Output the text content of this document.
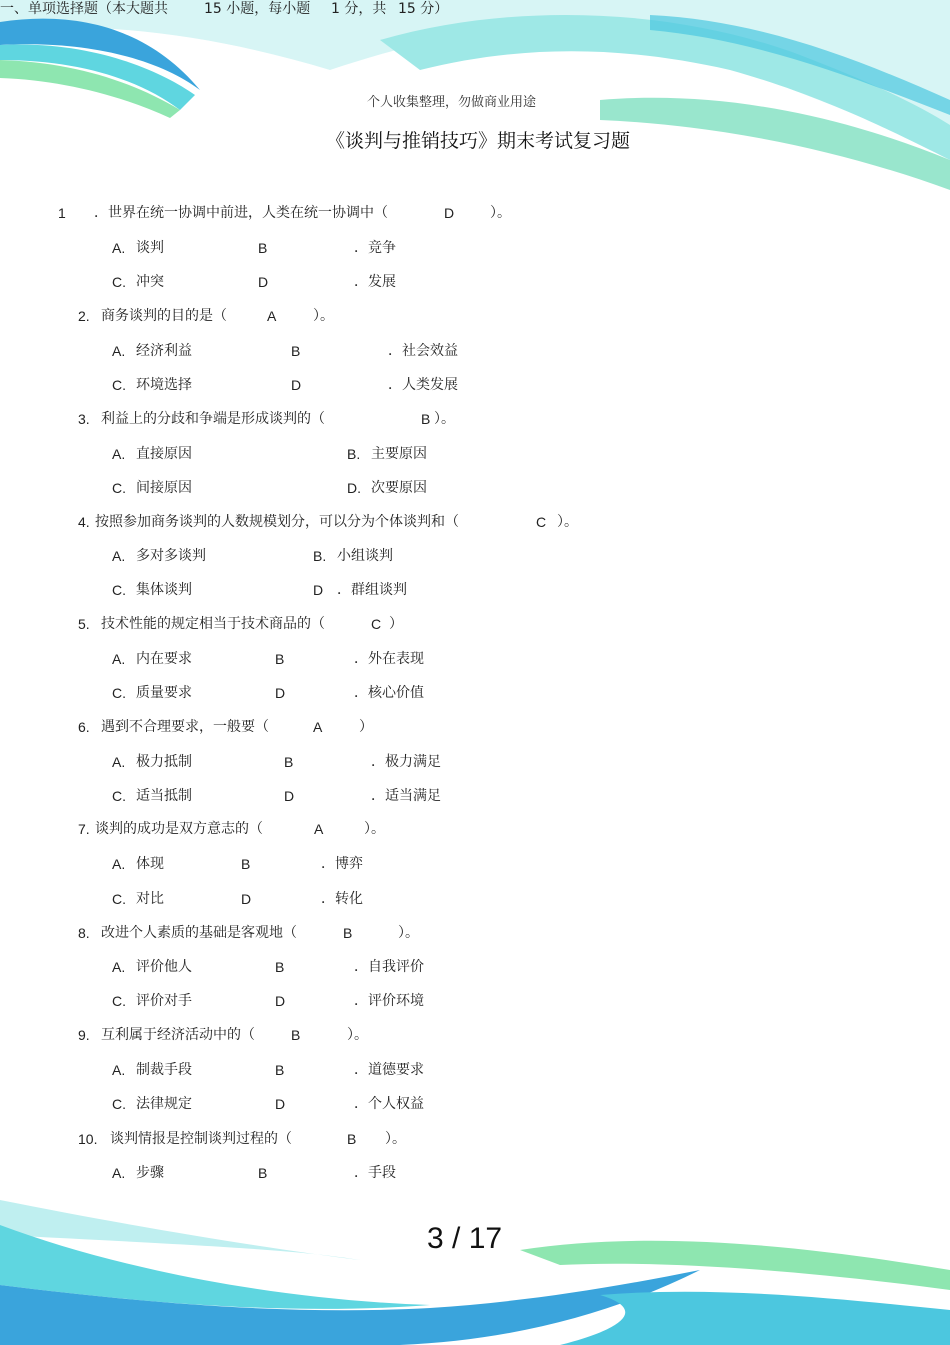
个人收集整理，勿做商业用途
《谈判与推销技巧》期末考试复习题
一、单项选择题（本大题共	15 小题，每小题 1 分，共 15 分）
1 ．世界在统一协调中前进，人类在统一协调中（	D	）。
A. 谈判	B	．竞争
C. 冲突	D	．发展
2. 商务谈判的目的是（	A	）。
A. 经济利益	B	．社会效益
C. 环境选择	D	．人类发展
3. 利益上的分歧和争端是形成谈判的（	B ）。
A. 直接原因	B. 主要原因
C. 间接原因	D. 次要原因
4. 按照参加商务谈判的人数规模划分，可以分为个体谈判和（	C ）。
A. 多对多谈判	B. 小组谈判
C. 集体谈判	D ．群组谈判
5. 技术性能的规定相当于技术商品的（	C ）
A. 内在要求	B	．外在表现
C. 质量要求	D	．核心价值
6. 遇到不合理要求，一般要（	A	）
A. 极力抵制	B	．极力满足
C. 适当抵制	D	．适当满足
7. 谈判的成功是双方意志的（	A	）。
A. 体现	B	．博弈
C. 对比	D	．转化
8. 改进个人素质的基础是客观地（	B	）。
A. 评价他人	B	．自我评价
C. 评价对手	D	．评价环境
9. 互利属于经济活动中的（	B	）。
A. 制裁手段	B	．道德要求
C. 法律规定	D	．个人权益
10. 谈判情报是控制谈判过程的（	B ）。
A. 步骤	B	．手段
3 / 17
